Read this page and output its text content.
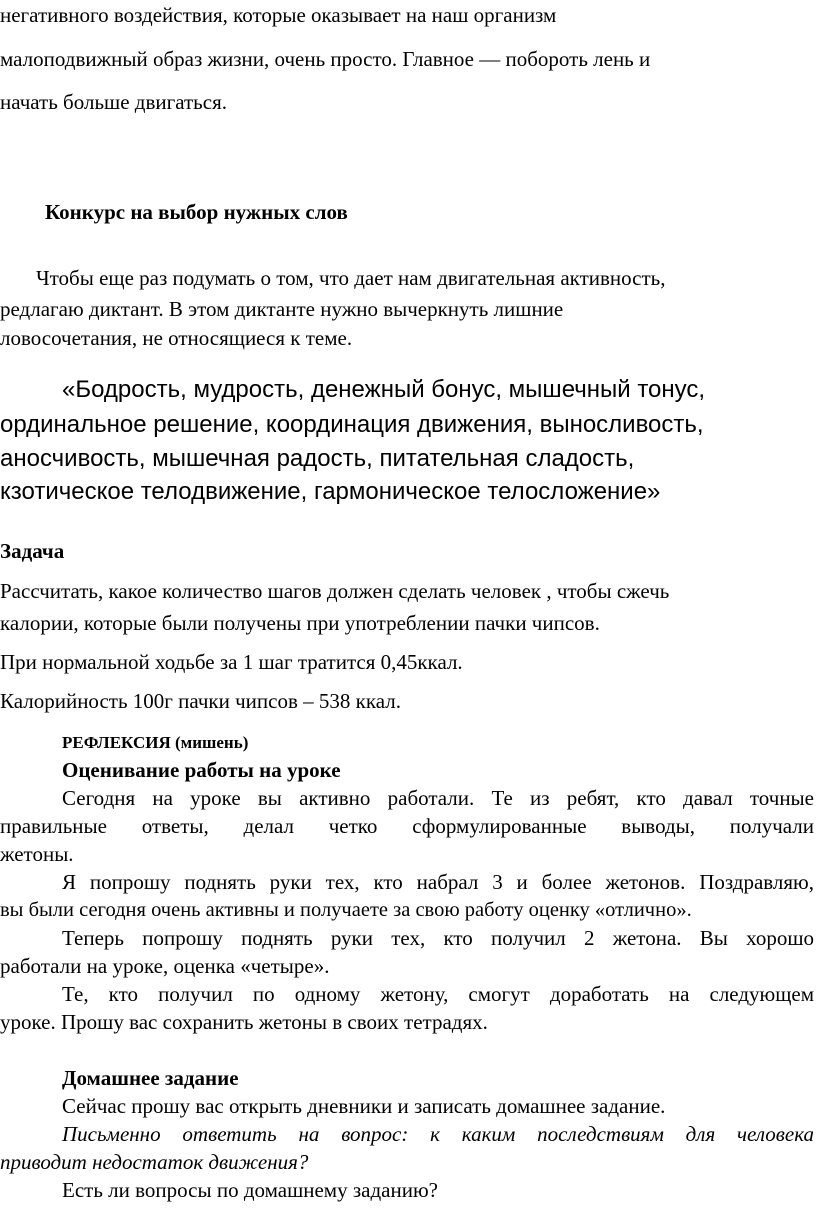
негативного воздействия, которые оказывает на наш организм

малоподвижный образ жизни, очень просто. Главное — побороть лень и

начать больше двигаться.

Конкурс на выбор нужных слов

Чтобы еще раз подумать о том, что дает нам двигательная активность,

редлагаю диктант. В этом диктанте нужно вычеркнуть лишние

ловосочетания, не относящиеся к теме.

«Бодрость, мудрость, денежный бонус, мышечный тонус,

ординальное решение, координация движения, выносливость,

аносчивость, мышечная радость, питательная сладость,

кзотическое телодвижение, гармоническое телосложение»

Задача

Рассчитать, какое количество шагов должен сделать человек , чтобы сжечь

калории, которые были получены при употреблении пачки чипсов.

При нормальной ходьбе за 1 шаг тратится 0,45ккал.

Калорийность 100г пачки чипсов – 538 ккал.

РЕФЛЕКСИЯ (мишень)

Оценивание работы на уроке

Сегодня на уроке вы активно работали. Те из ребят, кто давал точные

правильные ответы, делал четко сформулированные выводы, получали

жетоны.

Я попрошу поднять руки тех, кто набрал 3 и более жетонов. Поздравляю,

вы были сегодня очень активны и получаете за свою работу оценку «отлично».

Теперь попрошу поднять руки тех, кто получил 2 жетона. Вы хорошо

работали на уроке, оценка «четыре».

Те, кто получил по одному жетону, смогут доработать на следующем

уроке. Прошу вас сохранить жетоны в своих тетрадях.

Домашнее задание

Сейчас прошу вас открыть дневники и записать домашнее задание.

Письменно ответить на вопрос: к каким последствиям для человека

приводит недостаток движения?

Есть ли вопросы по домашнему заданию?
